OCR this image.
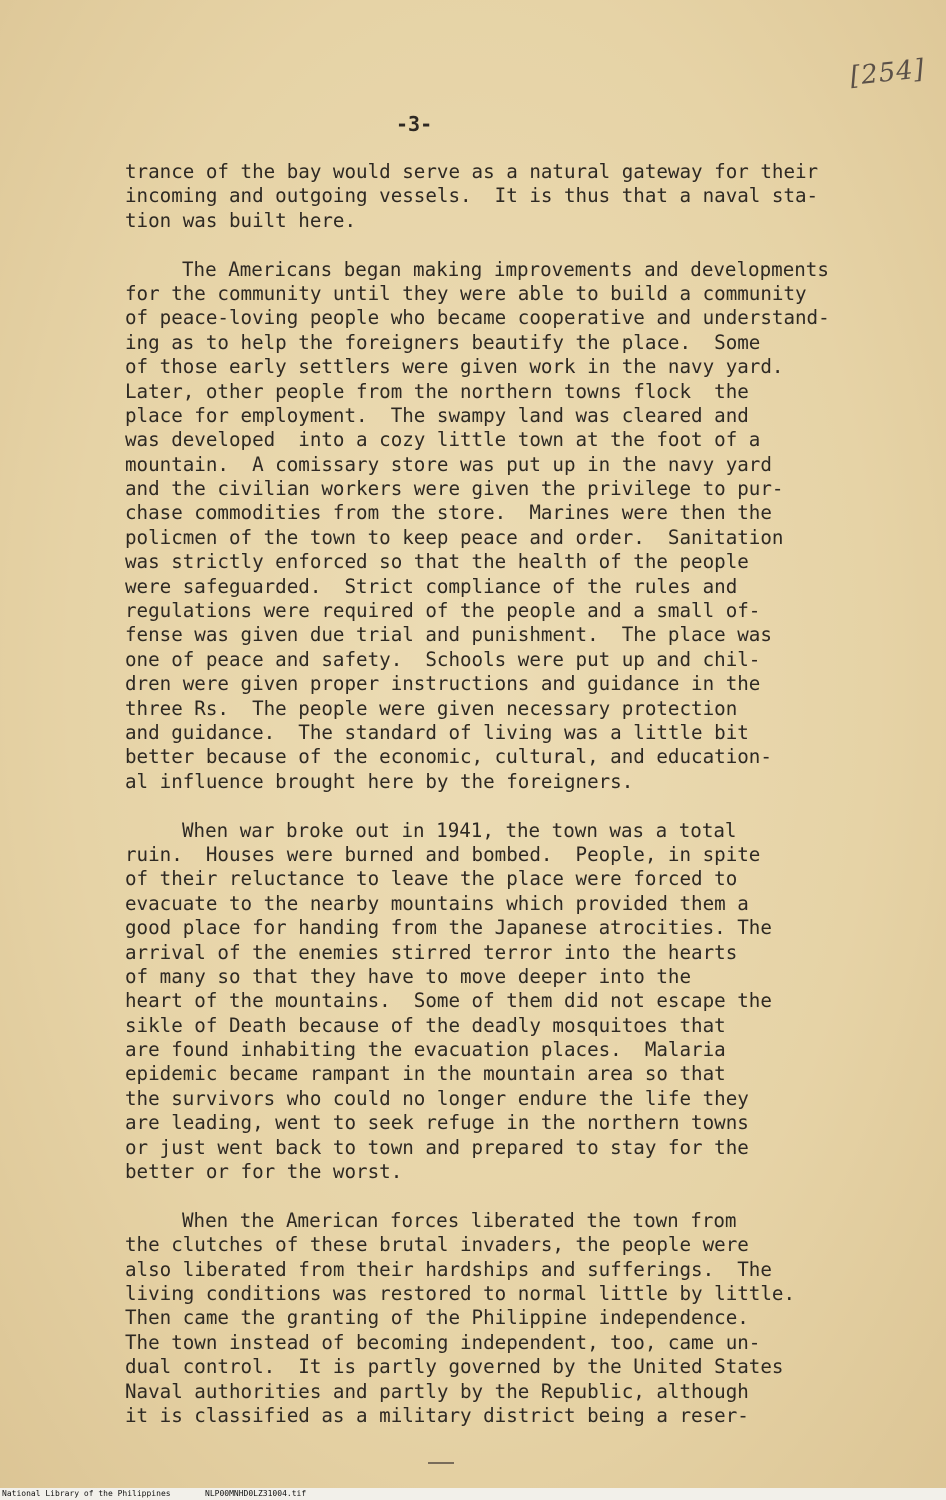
[254]
-3-
trance of the bay would serve as a natural gateway for their
incoming and outgoing vessels.  It is thus that a naval sta-
tion was built here.
The Americans began making improvements and developments
for the community until they were able to build a community
of peace-loving people who became cooperative and understand-
ing as to help the foreigners beautify the place.  Some
of those early settlers were given work in the navy yard.
Later, other people from the northern towns flock  the
place for employment.  The swampy land was cleared and
was developed  into a cozy little town at the foot of a
mountain.  A comissary store was put up in the navy yard
and the civilian workers were given the privilege to pur-
chase commodities from the store.  Marines were then the
policmen of the town to keep peace and order.  Sanitation
was strictly enforced so that the health of the people
were safeguarded.  Strict compliance of the rules and
regulations were required of the people and a small of-
fense was given due trial and punishment.  The place was
one of peace and safety.  Schools were put up and chil-
dren were given proper instructions and guidance in the
three Rs.  The people were given necessary protection
and guidance.  The standard of living was a little bit
better because of the economic, cultural, and education-
al influence brought here by the foreigners.
When war broke out in 1941, the town was a total
ruin.  Houses were burned and bombed.  People, in spite
of their reluctance to leave the place were forced to
evacuate to the nearby mountains which provided them a
good place for handing from the Japanese atrocities. The
arrival of the enemies stirred terror into the hearts
of many so that they have to move deeper into the
heart of the mountains.  Some of them did not escape the
sikle of Death because of the deadly mosquitoes that
are found inhabiting the evacuation places.  Malaria
epidemic became rampant in the mountain area so that
the survivors who could no longer endure the life they
are leading, went to seek refuge in the northern towns
or just went back to town and prepared to stay for the
better or for the worst.
When the American forces liberated the town from
the clutches of these brutal invaders, the people were
also liberated from their hardships and sufferings.  The
living conditions was restored to normal little by little.
Then came the granting of the Philippine independence.
The town instead of becoming independent, too, came un-
dual control.  It is partly governed by the United States
Naval authorities and partly by the Republic, although
it is classified as a military district being a reser-
National Library of the Philippines	NLP00MNHD0LZ31004.tif
